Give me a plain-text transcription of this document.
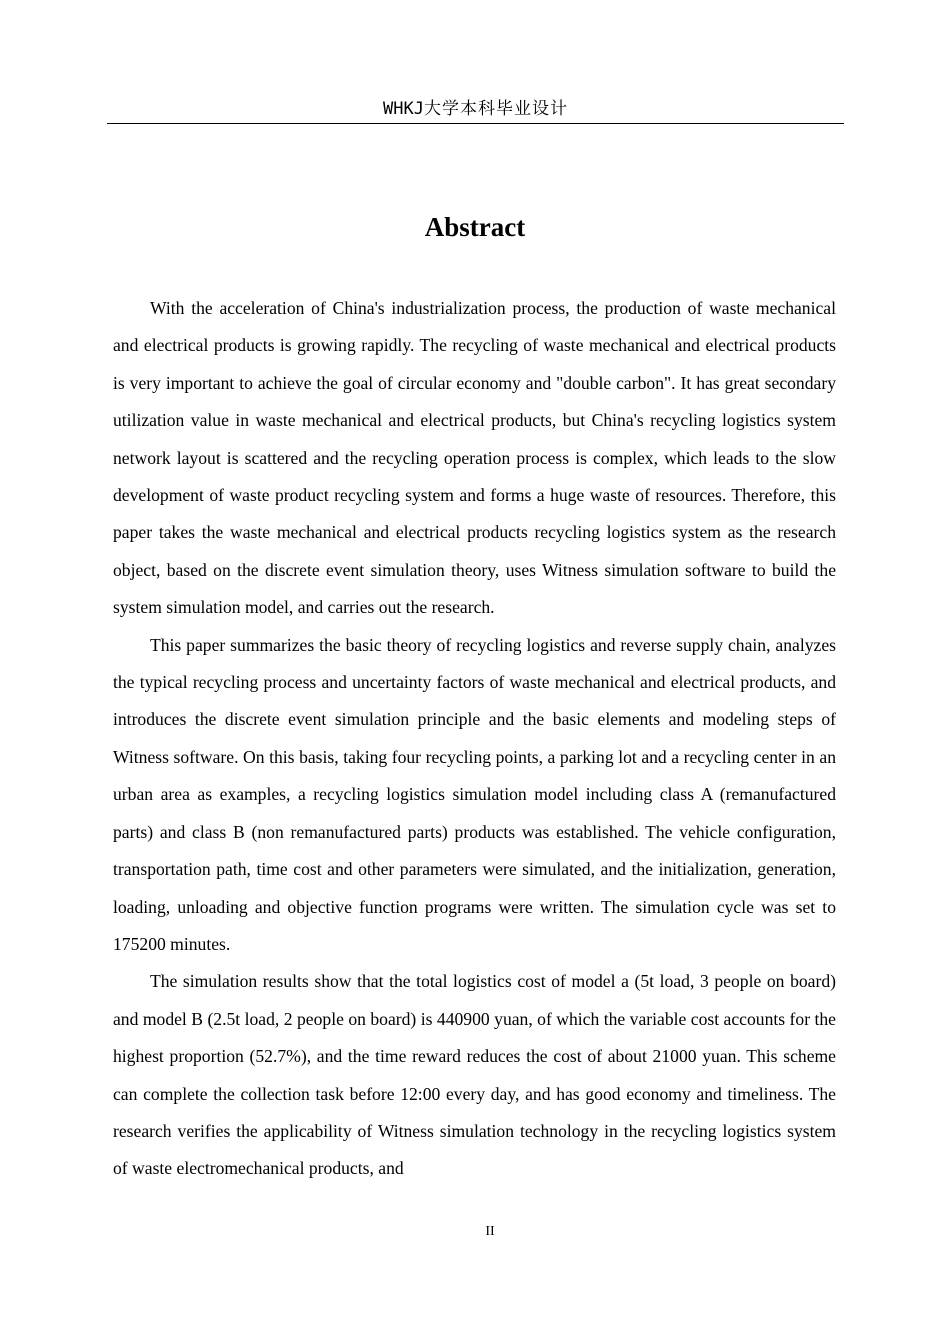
WHKJ大学本科毕业设计
Abstract

With the acceleration of China's industrialization process, the production of waste mechanical and electrical products is growing rapidly. The recycling of waste mechanical and electrical products is very important to achieve the goal of circular economy and "double carbon". It has great secondary utilization value in waste mechanical and electrical products, but China's recycling logistics system network layout is scattered and the recycling operation process is complex, which leads to the slow development of waste product recycling system and forms a huge waste of resources. Therefore, this paper takes the waste mechanical and electrical products recycling logistics system as the research object, based on the discrete event simulation theory, uses Witness simulation software to build the system simulation model, and carries out the research.

This paper summarizes the basic theory of recycling logistics and reverse supply chain, analyzes the typical recycling process and uncertainty factors of waste mechanical and electrical products, and introduces the discrete event simulation principle and the basic elements and modeling steps of Witness software. On this basis, taking four recycling points, a parking lot and a recycling center in an urban area as examples, a recycling logistics simulation model including class A (remanufactured parts) and class B (non remanufactured parts) products was established. The vehicle configuration, transportation path, time cost and other parameters were simulated, and the initialization, generation, loading, unloading and objective function programs were written. The simulation cycle was set to 175200 minutes.

The simulation results show that the total logistics cost of model a (5t load, 3 people on board) and model B (2.5t load, 2 people on board) is 440900 yuan, of which the variable cost accounts for the highest proportion (52.7%), and the time reward reduces the cost of about 21000 yuan. This scheme can complete the collection task before 12:00 every day, and has good economy and timeliness. The research verifies the applicability of Witness simulation technology in the recycling logistics system of waste electromechanical products, and

II
